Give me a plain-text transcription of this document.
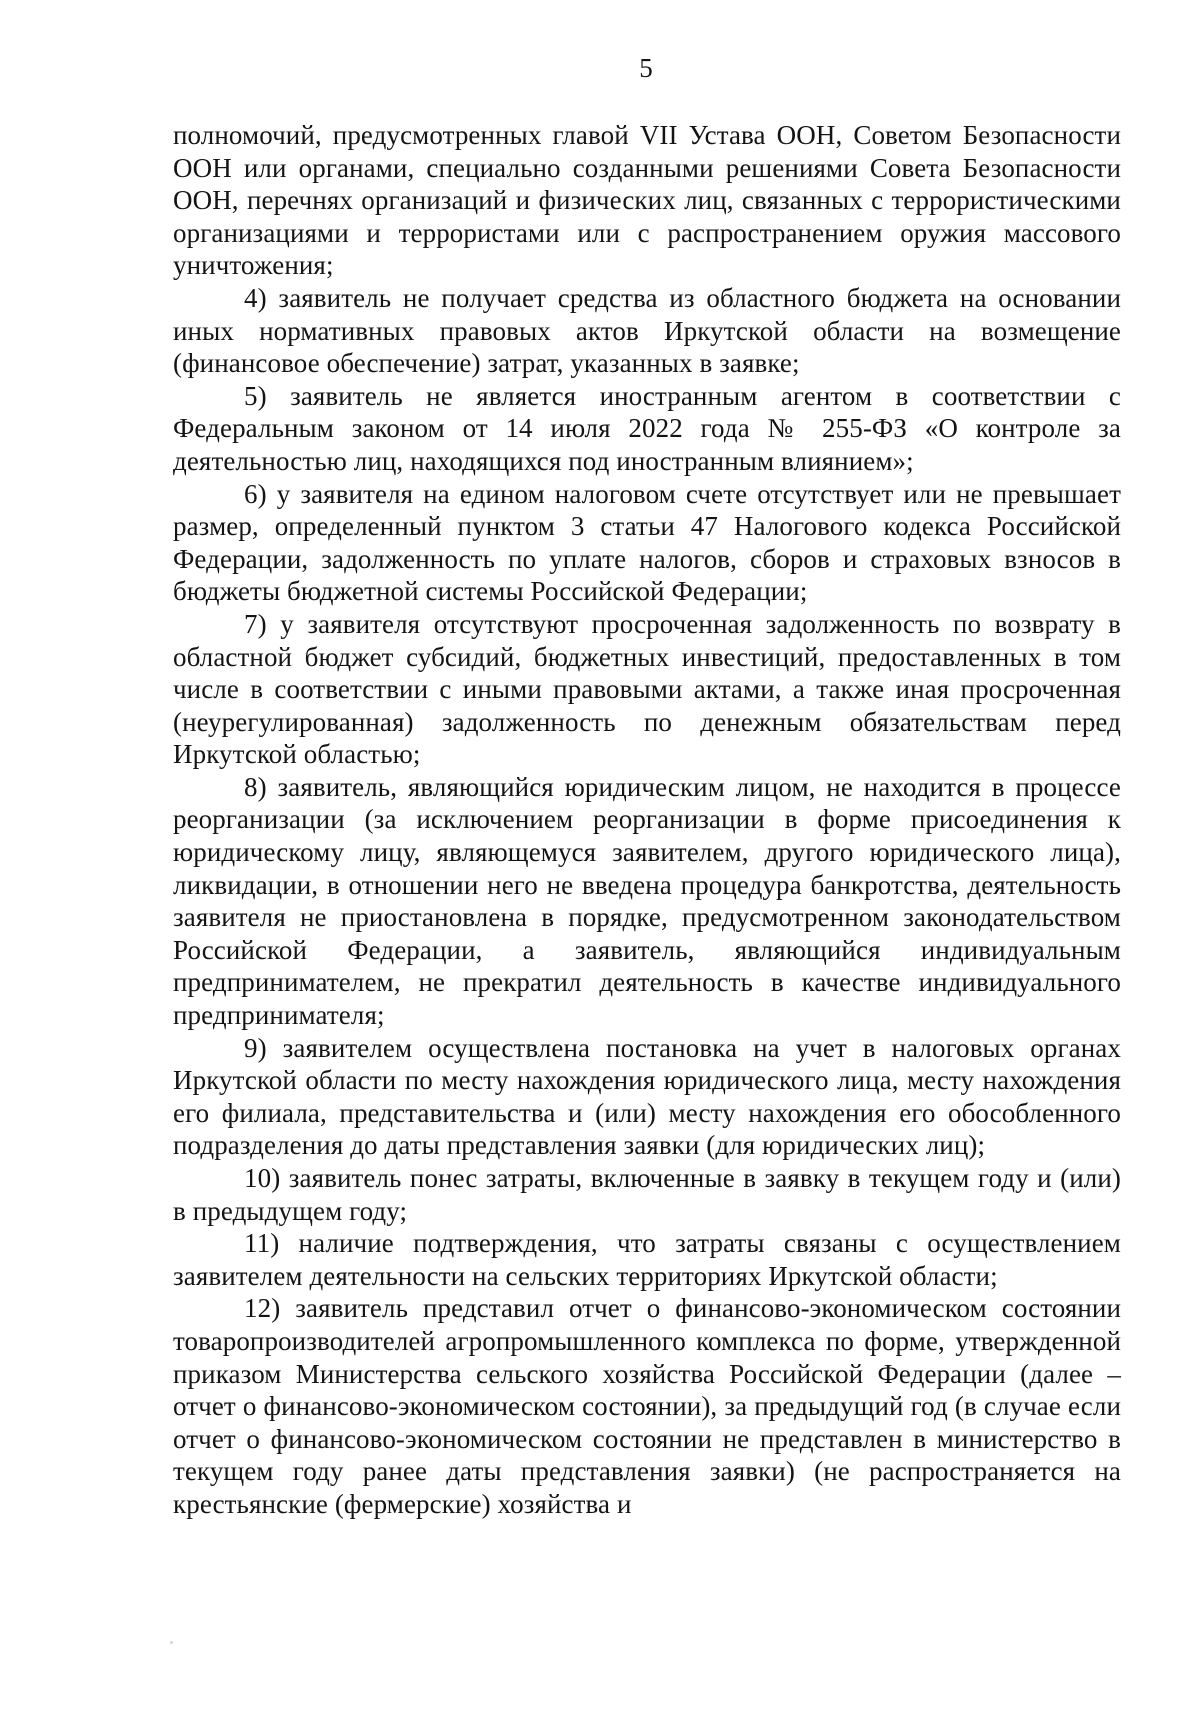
5

полномочий, предусмотренных главой VII Устава ООН, Советом Безопасности ООН или органами, специально созданными решениями Совета Безопасности ООН, перечнях организаций и физических лиц, связанных с террористическими организациями и террористами или с распространением оружия массового уничтожения;

4) заявитель не получает средства из областного бюджета на основании иных нормативных правовых актов Иркутской области на возмещение (финансовое обеспечение) затрат, указанных в заявке;

5) заявитель не является иностранным агентом в соответствии с Федеральным законом от 14 июля 2022 года № 255-ФЗ «О контроле за деятельностью лиц, находящихся под иностранным влиянием»;

6) у заявителя на едином налоговом счете отсутствует или не превышает размер, определенный пунктом 3 статьи 47 Налогового кодекса Российской Федерации, задолженность по уплате налогов, сборов и страховых взносов в бюджеты бюджетной системы Российской Федерации;

7) у заявителя отсутствуют просроченная задолженность по возврату в областной бюджет субсидий, бюджетных инвестиций, предоставленных в том числе в соответствии с иными правовыми актами, а также иная просроченная (неурегулированная) задолженность по денежным обязательствам перед Иркутской областью;

8) заявитель, являющийся юридическим лицом, не находится в процессе реорганизации (за исключением реорганизации в форме присоединения к юридическому лицу, являющемуся заявителем, другого юридического лица), ликвидации, в отношении него не введена процедура банкротства, деятельность заявителя не приостановлена в порядке, предусмотренном законодательством Российской Федерации, а заявитель, являющийся индивидуальным предпринимателем, не прекратил деятельность в качестве индивидуального предпринимателя;

9) заявителем осуществлена постановка на учет в налоговых органах Иркутской области по месту нахождения юридического лица, месту нахождения его филиала, представительства и (или) месту нахождения его обособленного подразделения до даты представления заявки (для юридических лиц);

10) заявитель понес затраты, включенные в заявку в текущем году и (или) в предыдущем году;

11) наличие подтверждения, что затраты связаны с осуществлением заявителем деятельности на сельских территориях Иркутской области;

12) заявитель представил отчет о финансово-экономическом состоянии товаропроизводителей агропромышленного комплекса по форме, утвержденной приказом Министерства сельского хозяйства Российской Федерации (далее – отчет о финансово-экономическом состоянии), за предыдущий год (в случае если отчет о финансово-экономическом состоянии не представлен в министерство в текущем году ранее даты представления заявки) (не распространяется на крестьянские (фермерские) хозяйства и
